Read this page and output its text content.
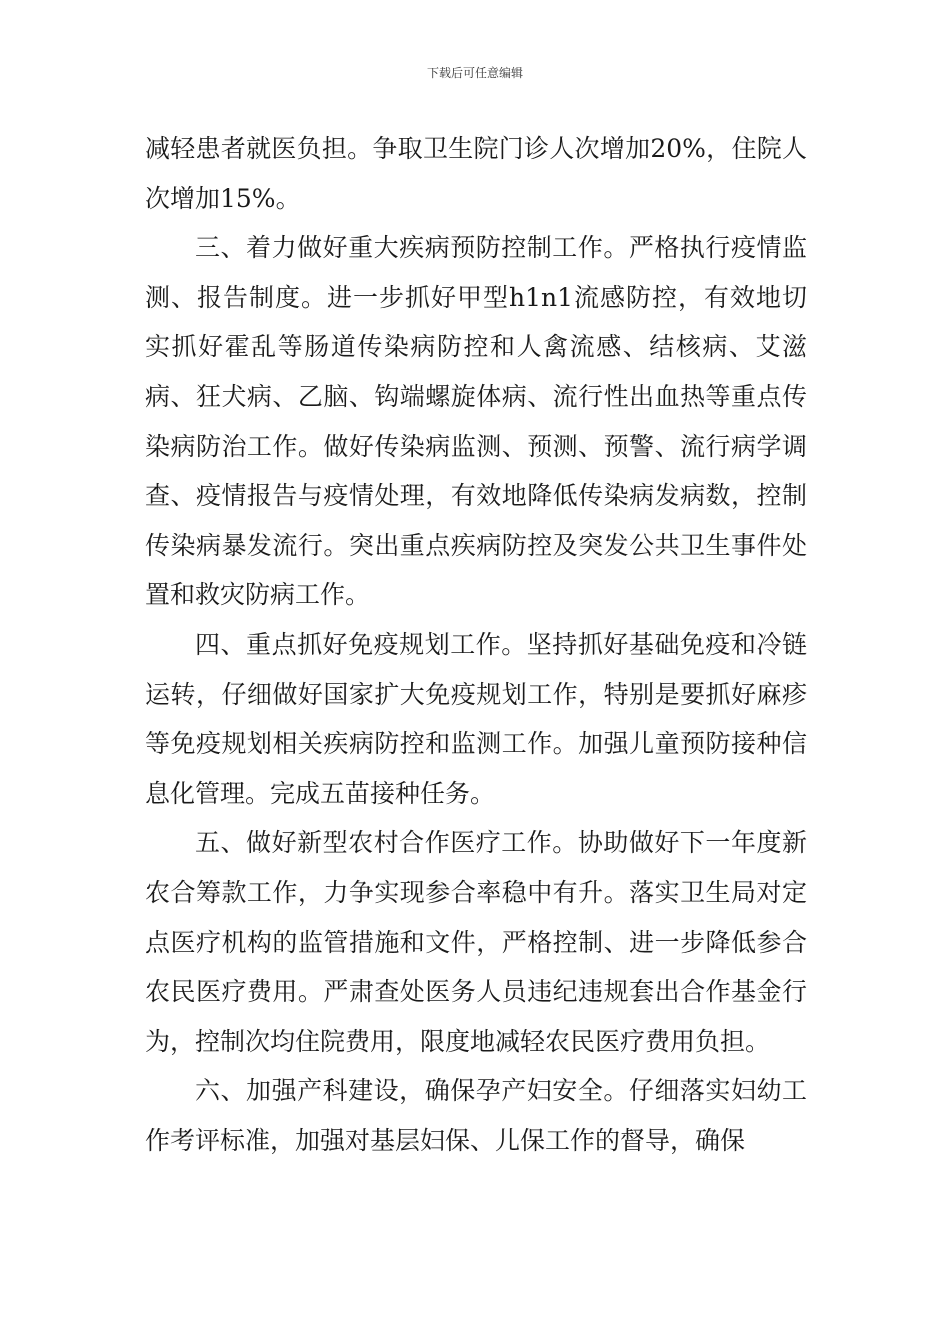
下载后可任意编辑

减轻患者就医负担。争取卫生院门诊人次增加20%，住院人次增加15%。

三、着力做好重大疾病预防控制工作。严格执行疫情监测、报告制度。进一步抓好甲型h1n1流感防控，有效地切实抓好霍乱等肠道传染病防控和人禽流感、结核病、艾滋病、狂犬病、乙脑、钩端螺旋体病、流行性出血热等重点传染病防治工作。做好传染病监测、预测、预警、流行病学调查、疫情报告与疫情处理，有效地降低传染病发病数，控制传染病暴发流行。突出重点疾病防控及突发公共卫生事件处置和救灾防病工作。

四、重点抓好免疫规划工作。坚持抓好基础免疫和冷链运转，仔细做好国家扩大免疫规划工作，特别是要抓好麻疹等免疫规划相关疾病防控和监测工作。加强儿童预防接种信息化管理。完成五苗接种任务。

五、做好新型农村合作医疗工作。协助做好下一年度新农合筹款工作，力争实现参合率稳中有升。落实卫生局对定点医疗机构的监管措施和文件，严格控制、进一步降低参合农民医疗费用。严肃查处医务人员违纪违规套出合作基金行为，控制次均住院费用，限度地减轻农民医疗费用负担。

六、加强产科建设，确保孕产妇安全。仔细落实妇幼工作考评标准，加强对基层妇保、儿保工作的督导，确保
